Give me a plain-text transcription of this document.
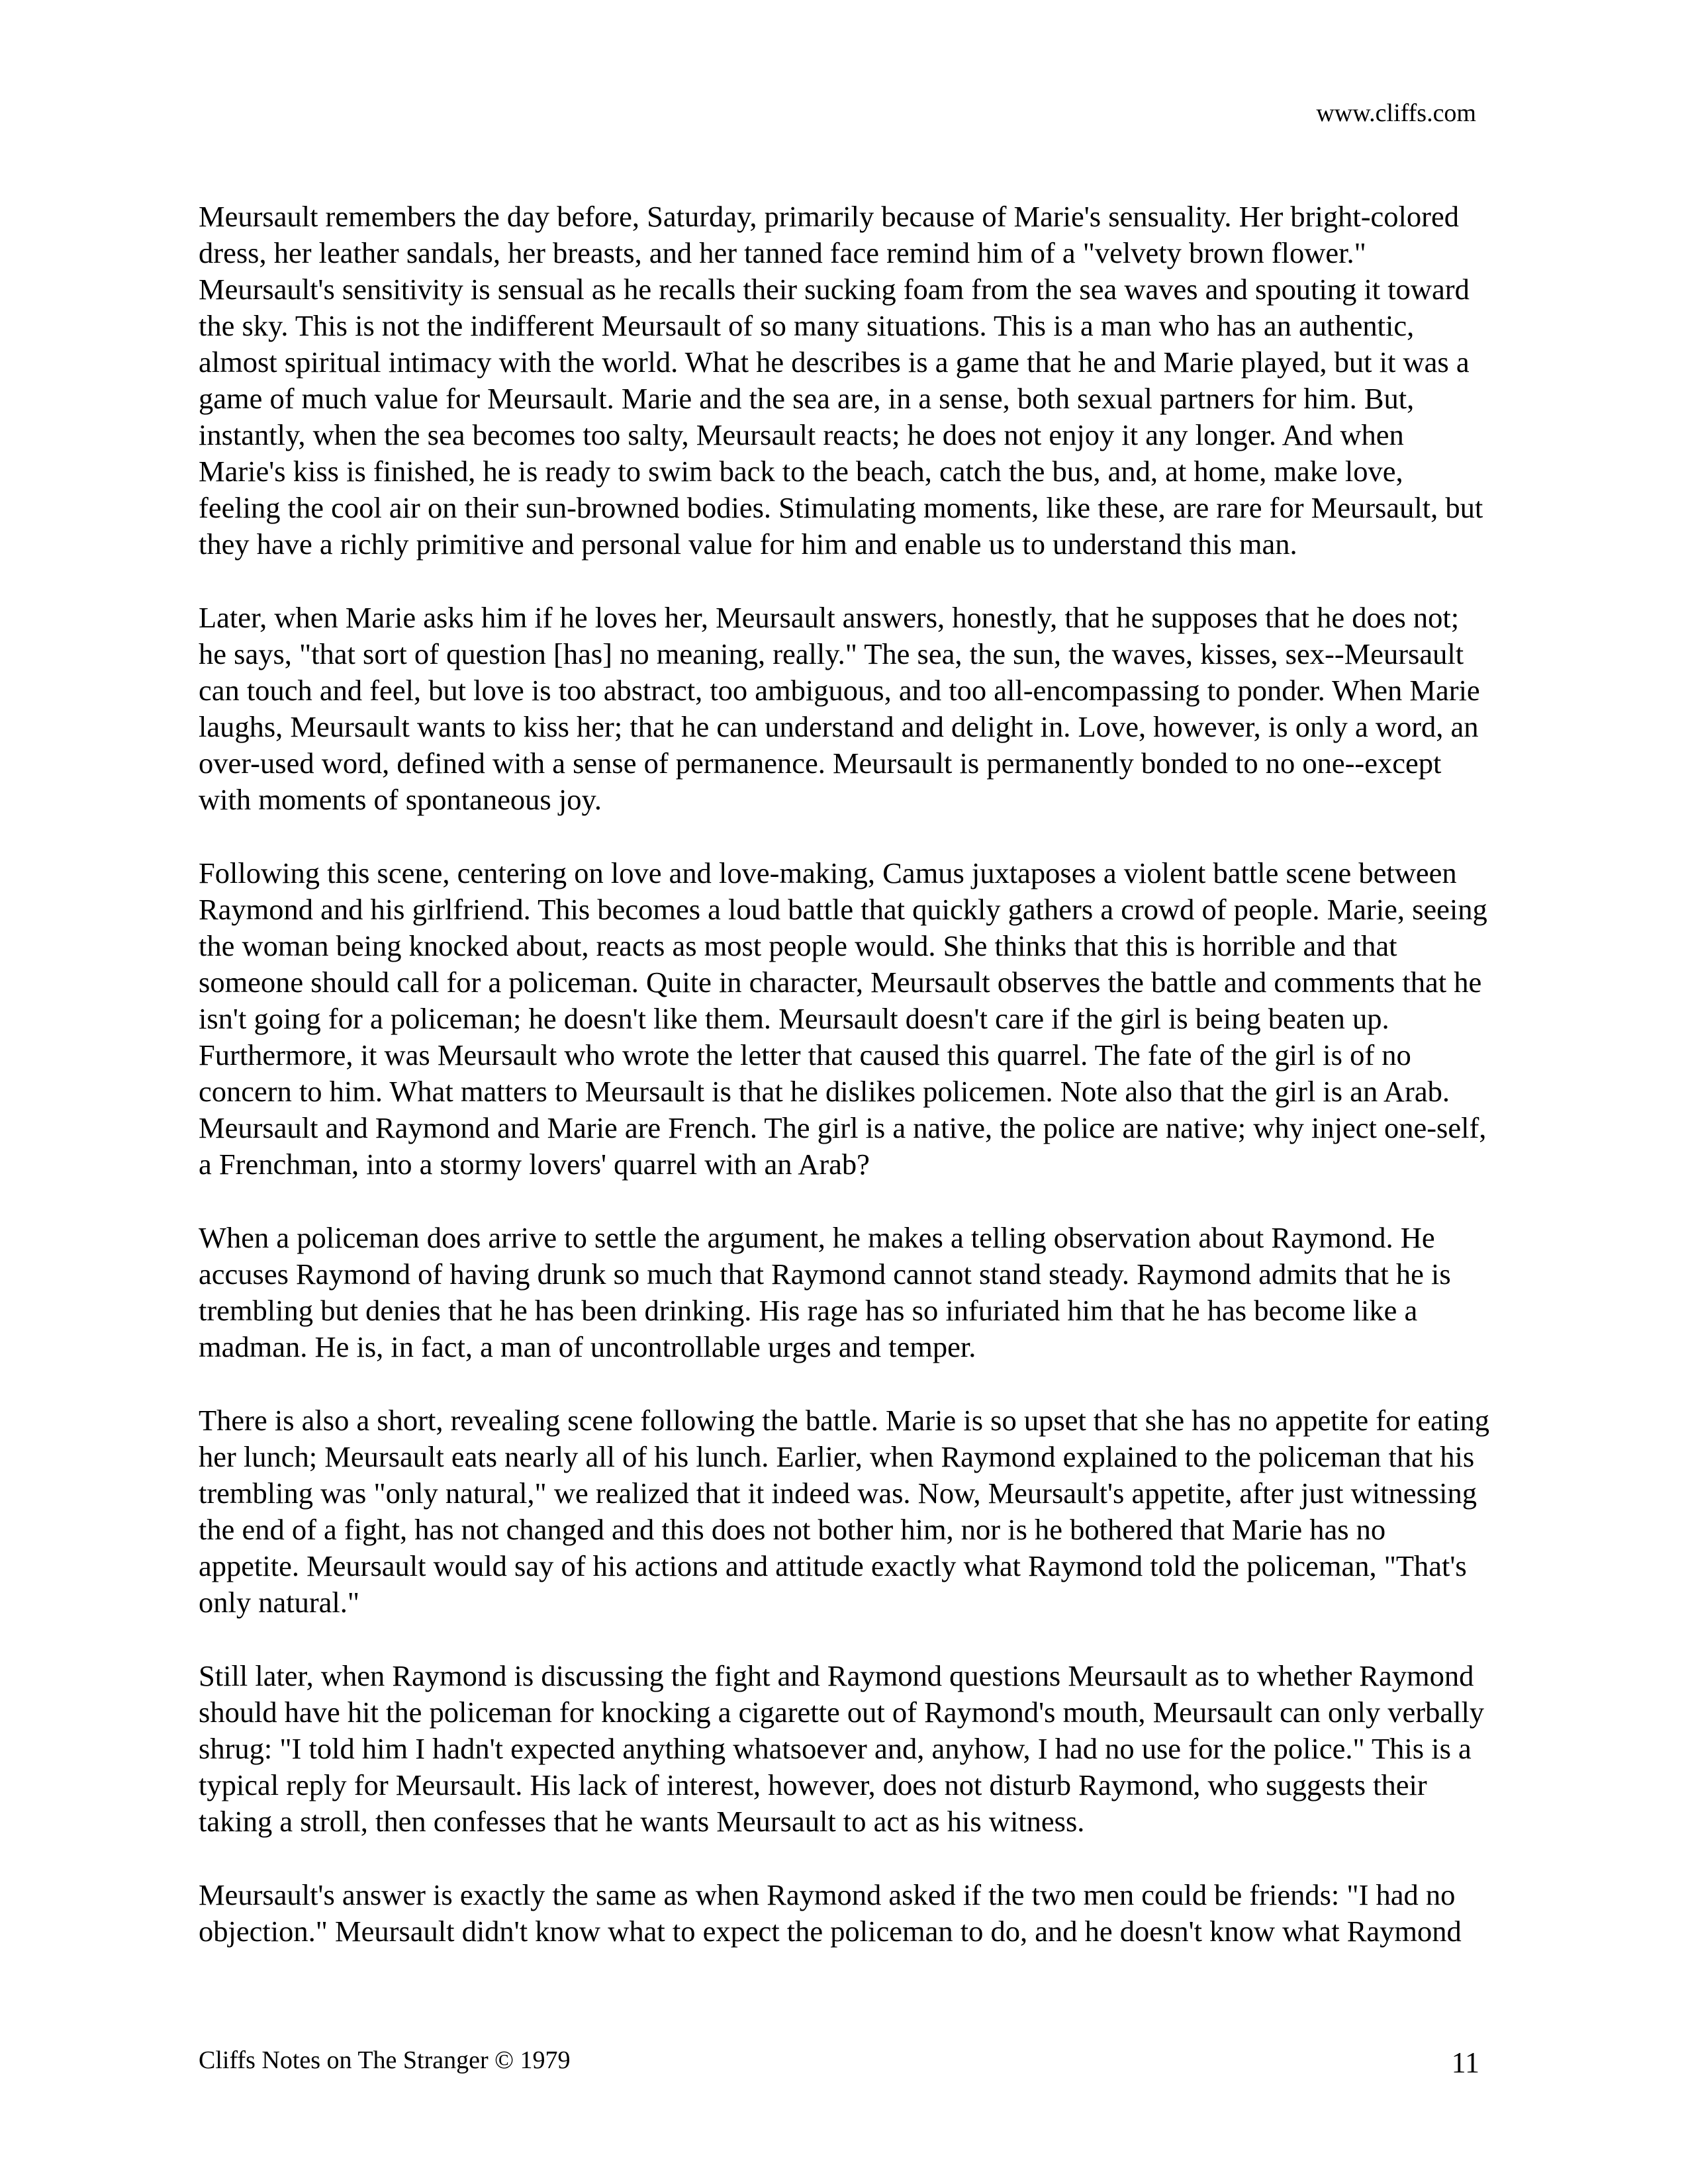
www.cliffs.com

Meursault remembers the day before, Saturday, primarily because of Marie's sensuality. Her bright-colored dress, her leather sandals, her breasts, and her tanned face remind him of a "velvety brown flower." Meursault's sensitivity is sensual as he recalls their sucking foam from the sea waves and spouting it toward the sky. This is not the indifferent Meursault of so many situations. This is a man who has an authentic, almost spiritual intimacy with the world. What he describes is a game that he and Marie played, but it was a game of much value for Meursault. Marie and the sea are, in a sense, both sexual partners for him. But, instantly, when the sea becomes too salty, Meursault reacts; he does not enjoy it any longer. And when Marie's kiss is finished, he is ready to swim back to the beach, catch the bus, and, at home, make love, feeling the cool air on their sun-browned bodies. Stimulating moments, like these, are rare for Meursault, but they have a richly primitive and personal value for him and enable us to understand this man.

Later, when Marie asks him if he loves her, Meursault answers, honestly, that he supposes that he does not; he says, "that sort of question [has] no meaning, really." The sea, the sun, the waves, kisses, sex--Meursault can touch and feel, but love is too abstract, too ambiguous, and too all-encompassing to ponder. When Marie laughs, Meursault wants to kiss her; that he can understand and delight in. Love, however, is only a word, an over-used word, defined with a sense of permanence. Meursault is permanently bonded to no one--except with moments of spontaneous joy.

Following this scene, centering on love and love-making, Camus juxtaposes a violent battle scene between Raymond and his girlfriend. This becomes a loud battle that quickly gathers a crowd of people. Marie, seeing the woman being knocked about, reacts as most people would. She thinks that this is horrible and that someone should call for a policeman. Quite in character, Meursault observes the battle and comments that he isn't going for a policeman; he doesn't like them. Meursault doesn't care if the girl is being beaten up. Furthermore, it was Meursault who wrote the letter that caused this quarrel. The fate of the girl is of no concern to him. What matters to Meursault is that he dislikes policemen. Note also that the girl is an Arab. Meursault and Raymond and Marie are French. The girl is a native, the police are native; why inject one-self, a Frenchman, into a stormy lovers' quarrel with an Arab?

When a policeman does arrive to settle the argument, he makes a telling observation about Raymond. He accuses Raymond of having drunk so much that Raymond cannot stand steady. Raymond admits that he is trembling but denies that he has been drinking. His rage has so infuriated him that he has become like a madman. He is, in fact, a man of uncontrollable urges and temper.

There is also a short, revealing scene following the battle. Marie is so upset that she has no appetite for eating her lunch; Meursault eats nearly all of his lunch. Earlier, when Raymond explained to the policeman that his trembling was "only natural," we realized that it indeed was. Now, Meursault's appetite, after just witnessing the end of a fight, has not changed and this does not bother him, nor is he bothered that Marie has no appetite. Meursault would say of his actions and attitude exactly what Raymond told the policeman, "That's only natural."

Still later, when Raymond is discussing the fight and Raymond questions Meursault as to whether Raymond should have hit the policeman for knocking a cigarette out of Raymond's mouth, Meursault can only verbally shrug: "I told him I hadn't expected anything whatsoever and, anyhow, I had no use for the police." This is a typical reply for Meursault. His lack of interest, however, does not disturb Raymond, who suggests their taking a stroll, then confesses that he wants Meursault to act as his witness.

Meursault's answer is exactly the same as when Raymond asked if the two men could be friends: "I had no objection." Meursault didn't know what to expect the policeman to do, and he doesn't know what Raymond

Cliffs Notes on The Stranger © 1979	11
